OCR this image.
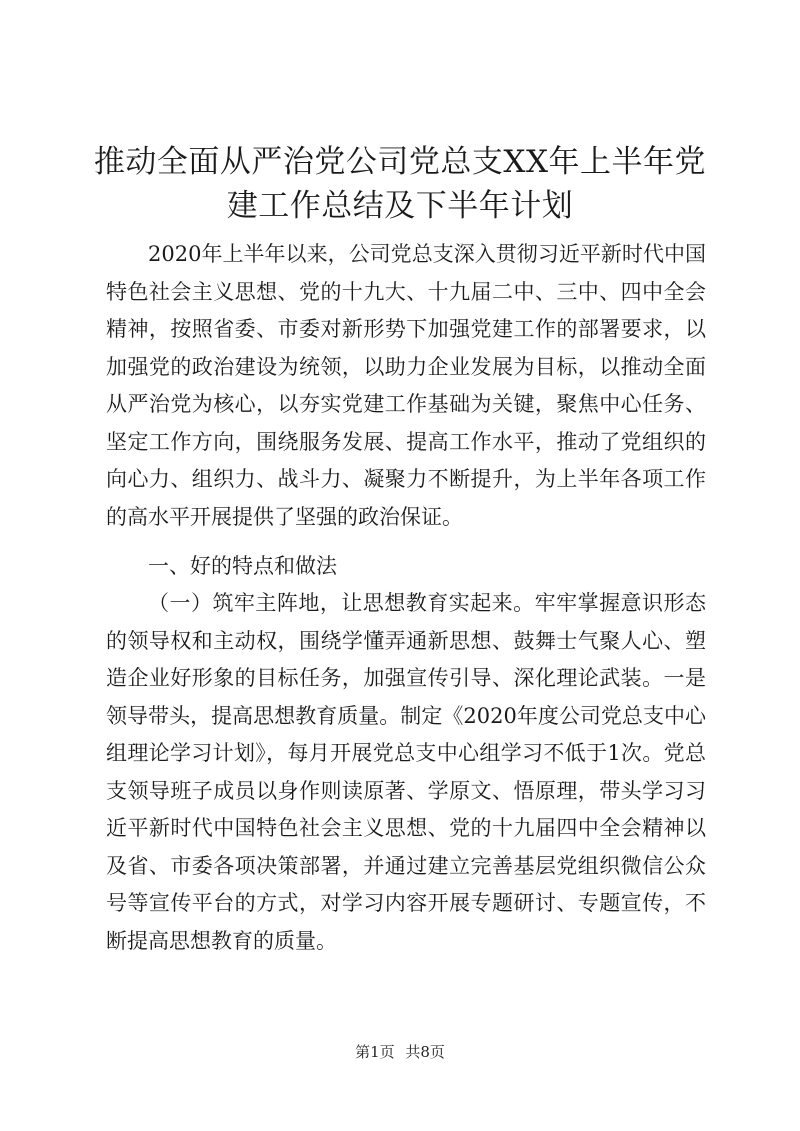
推动全面从严治党公司党总支XX年上半年党
建工作总结及下半年计划
2020年上半年以来，公司党总支深入贯彻习近平新时代中国特色社会主义思想、党的十九大、十九届二中、三中、四中全会精神，按照省委、市委对新形势下加强党建工作的部署要求，以加强党的政治建设为统领，以助力企业发展为目标，以推动全面从严治党为核心，以夯实党建工作基础为关键，聚焦中心任务、坚定工作方向，围绕服务发展、提高工作水平，推动了党组织的向心力、组织力、战斗力、凝聚力不断提升，为上半年各项工作的高水平开展提供了坚强的政治保证。
一、好的特点和做法
（一）筑牢主阵地，让思想教育实起来。牢牢掌握意识形态的领导权和主动权，围绕学懂弄通新思想、鼓舞士气聚人心、塑造企业好形象的目标任务，加强宣传引导、深化理论武装。一是领导带头，提高思想教育质量。制定《2020年度公司党总支中心组理论学习计划》，每月开展党总支中心组学习不低于1次。党总支领导班子成员以身作则读原著、学原文、悟原理，带头学习习近平新时代中国特色社会主义思想、党的十九届四中全会精神以及省、市委各项决策部署，并通过建立完善基层党组织微信公众号等宣传平台的方式，对学习内容开展专题研讨、专题宣传，不断提高思想教育的质量。
第1页 共8页
